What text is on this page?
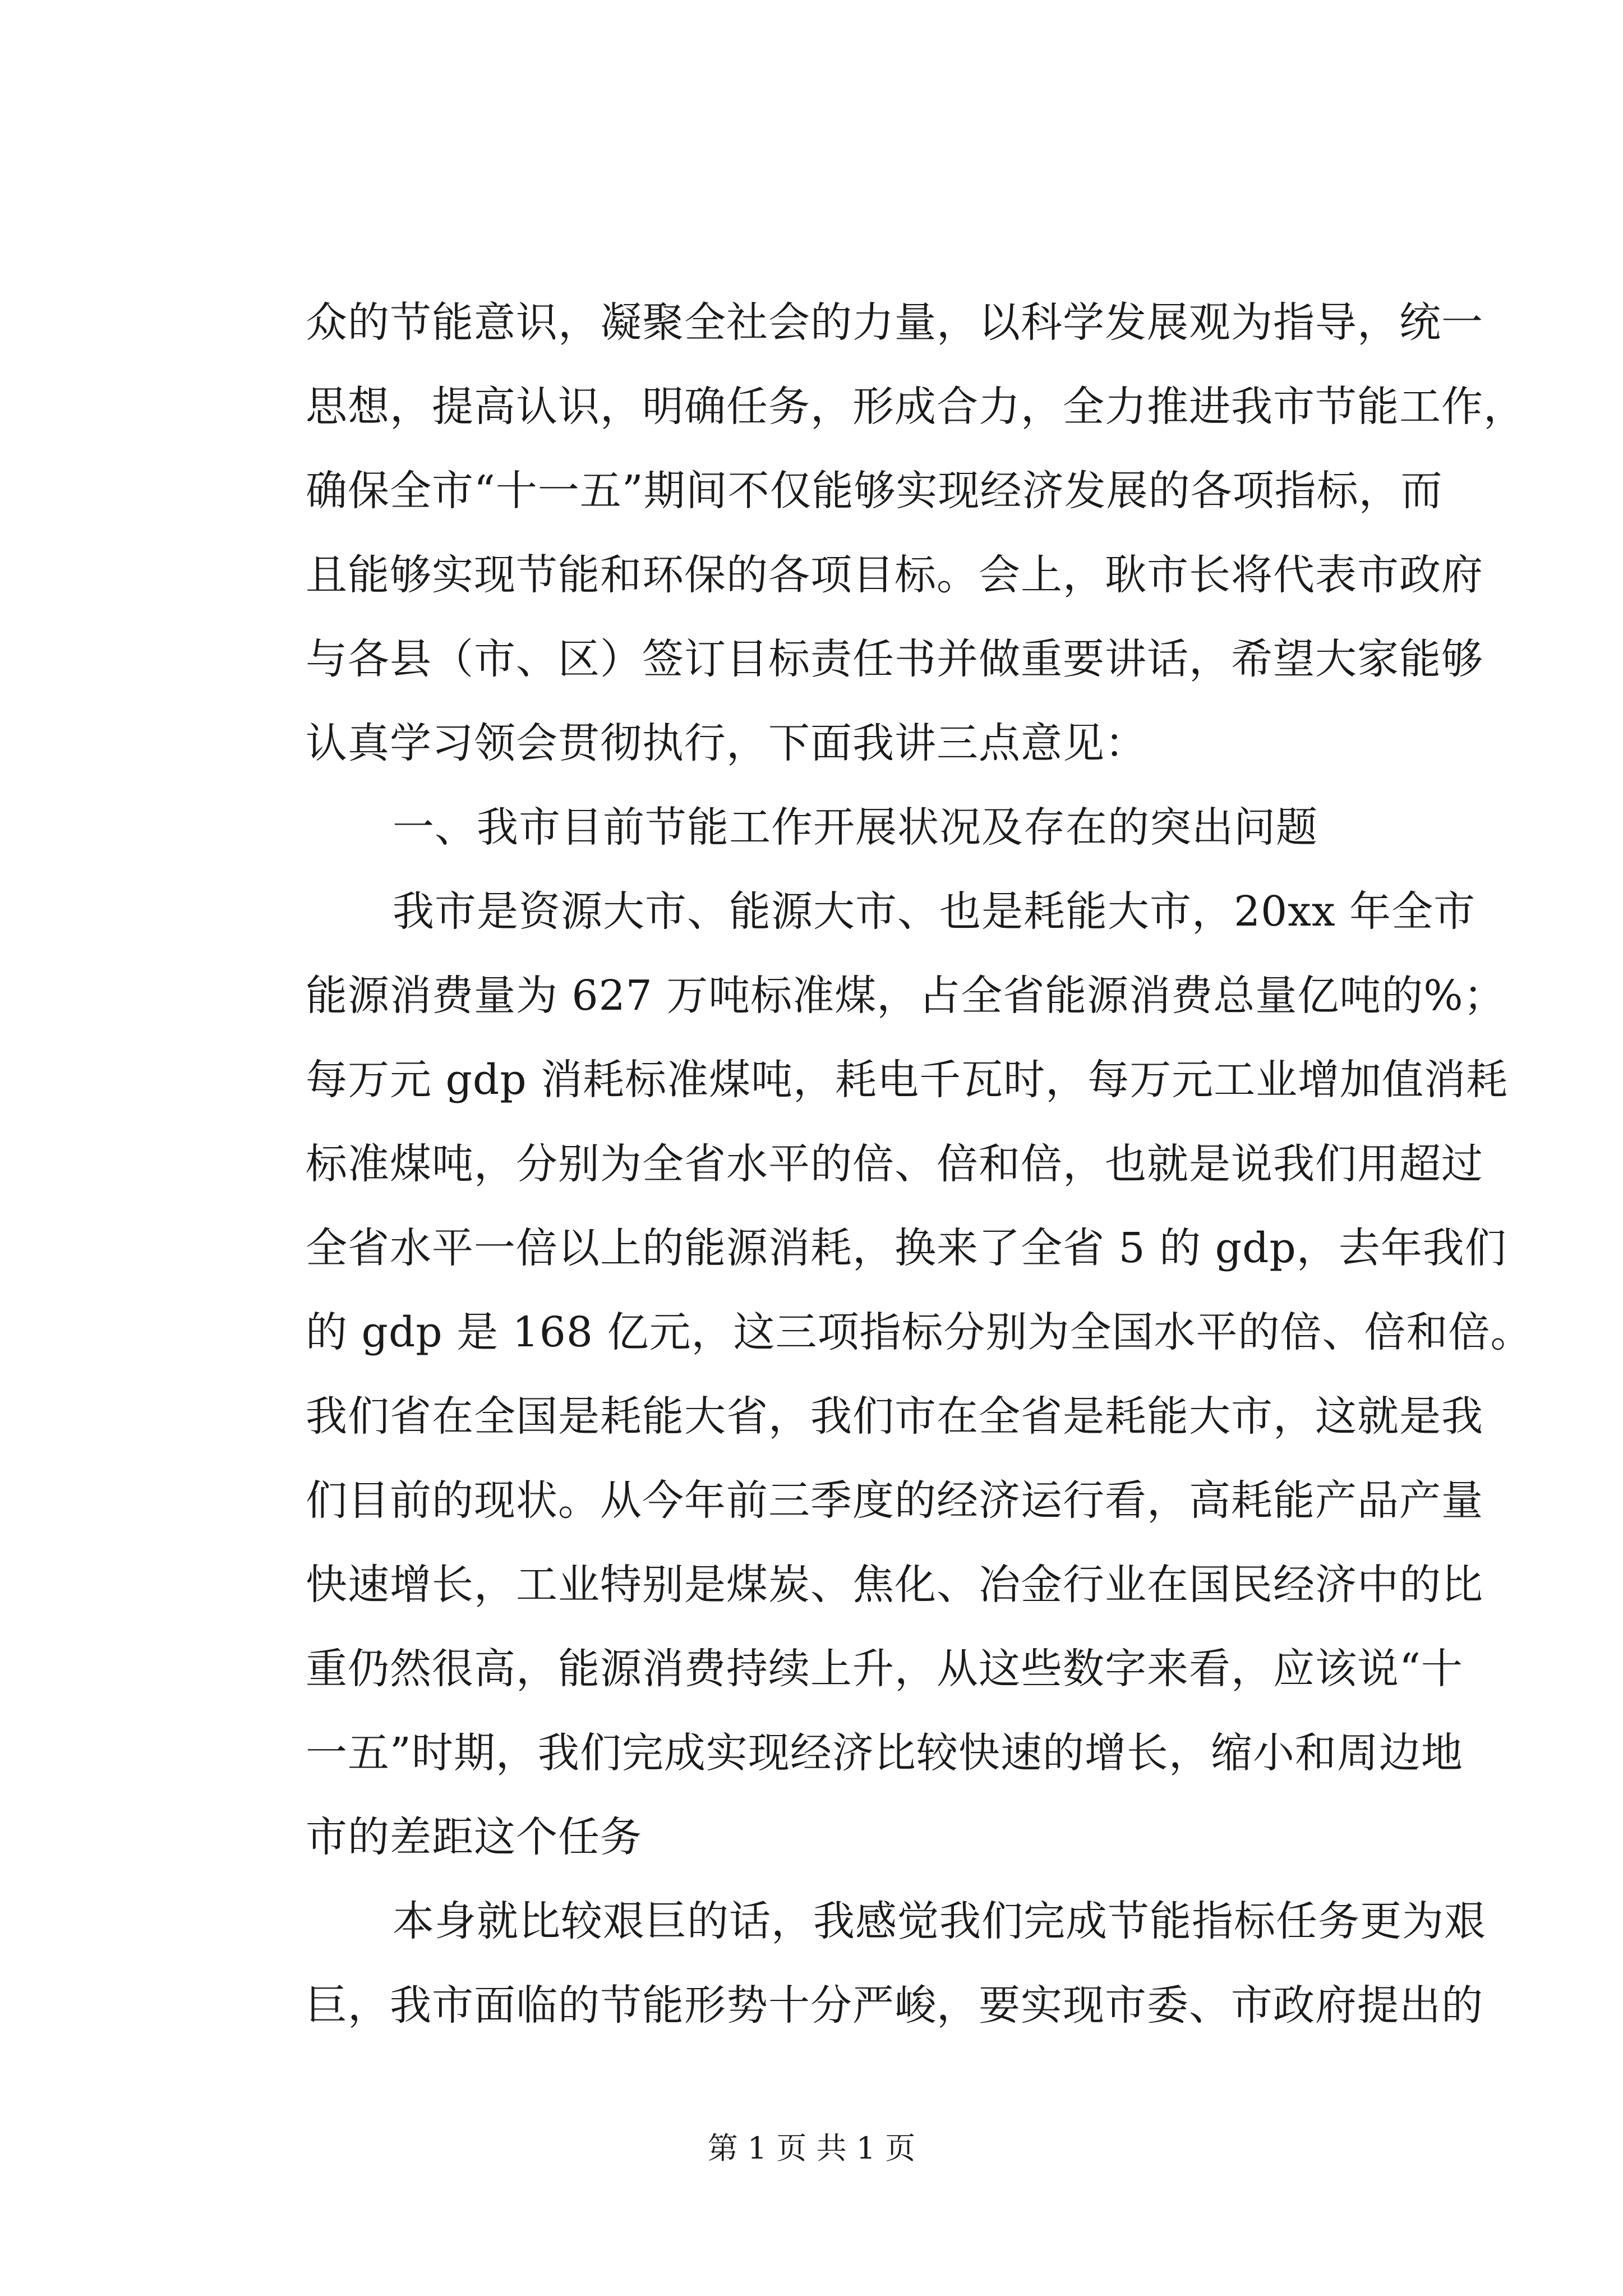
众的节能意识，凝聚全社会的力量，以科学发展观为指导，统一

思想，提高认识，明确任务，形成合力，全力推进我市节能工作，

确保全市“十一五”期间不仅能够实现经济发展的各项指标，而

且能够实现节能和环保的各项目标。会上，耿市长将代表市政府

与各县（市、区）签订目标责任书并做重要讲话，希望大家能够

认真学习领会贯彻执行，下面我讲三点意见：

一、我市目前节能工作开展状况及存在的突出问题

我市是资源大市、能源大市、也是耗能大市，20xx 年全市

能源消费量为 627 万吨标准煤，占全省能源消费总量亿吨的%；

每万元 gdp 消耗标准煤吨，耗电千瓦时，每万元工业增加值消耗

标准煤吨，分别为全省水平的倍、倍和倍，也就是说我们用超过

全省水平一倍以上的能源消耗，换来了全省 5 的 gdp，去年我们

的 gdp 是 168 亿元，这三项指标分别为全国水平的倍、倍和倍。

我们省在全国是耗能大省，我们市在全省是耗能大市，这就是我

们目前的现状。从今年前三季度的经济运行看，高耗能产品产量

快速增长，工业特别是煤炭、焦化、冶金行业在国民经济中的比

重仍然很高，能源消费持续上升，从这些数字来看，应该说“十

一五”时期，我们完成实现经济比较快速的增长，缩小和周边地

市的差距这个任务

本身就比较艰巨的话，我感觉我们完成节能指标任务更为艰

巨，我市面临的节能形势十分严峻，要实现市委、市政府提出的

第 1 页 共 1 页
